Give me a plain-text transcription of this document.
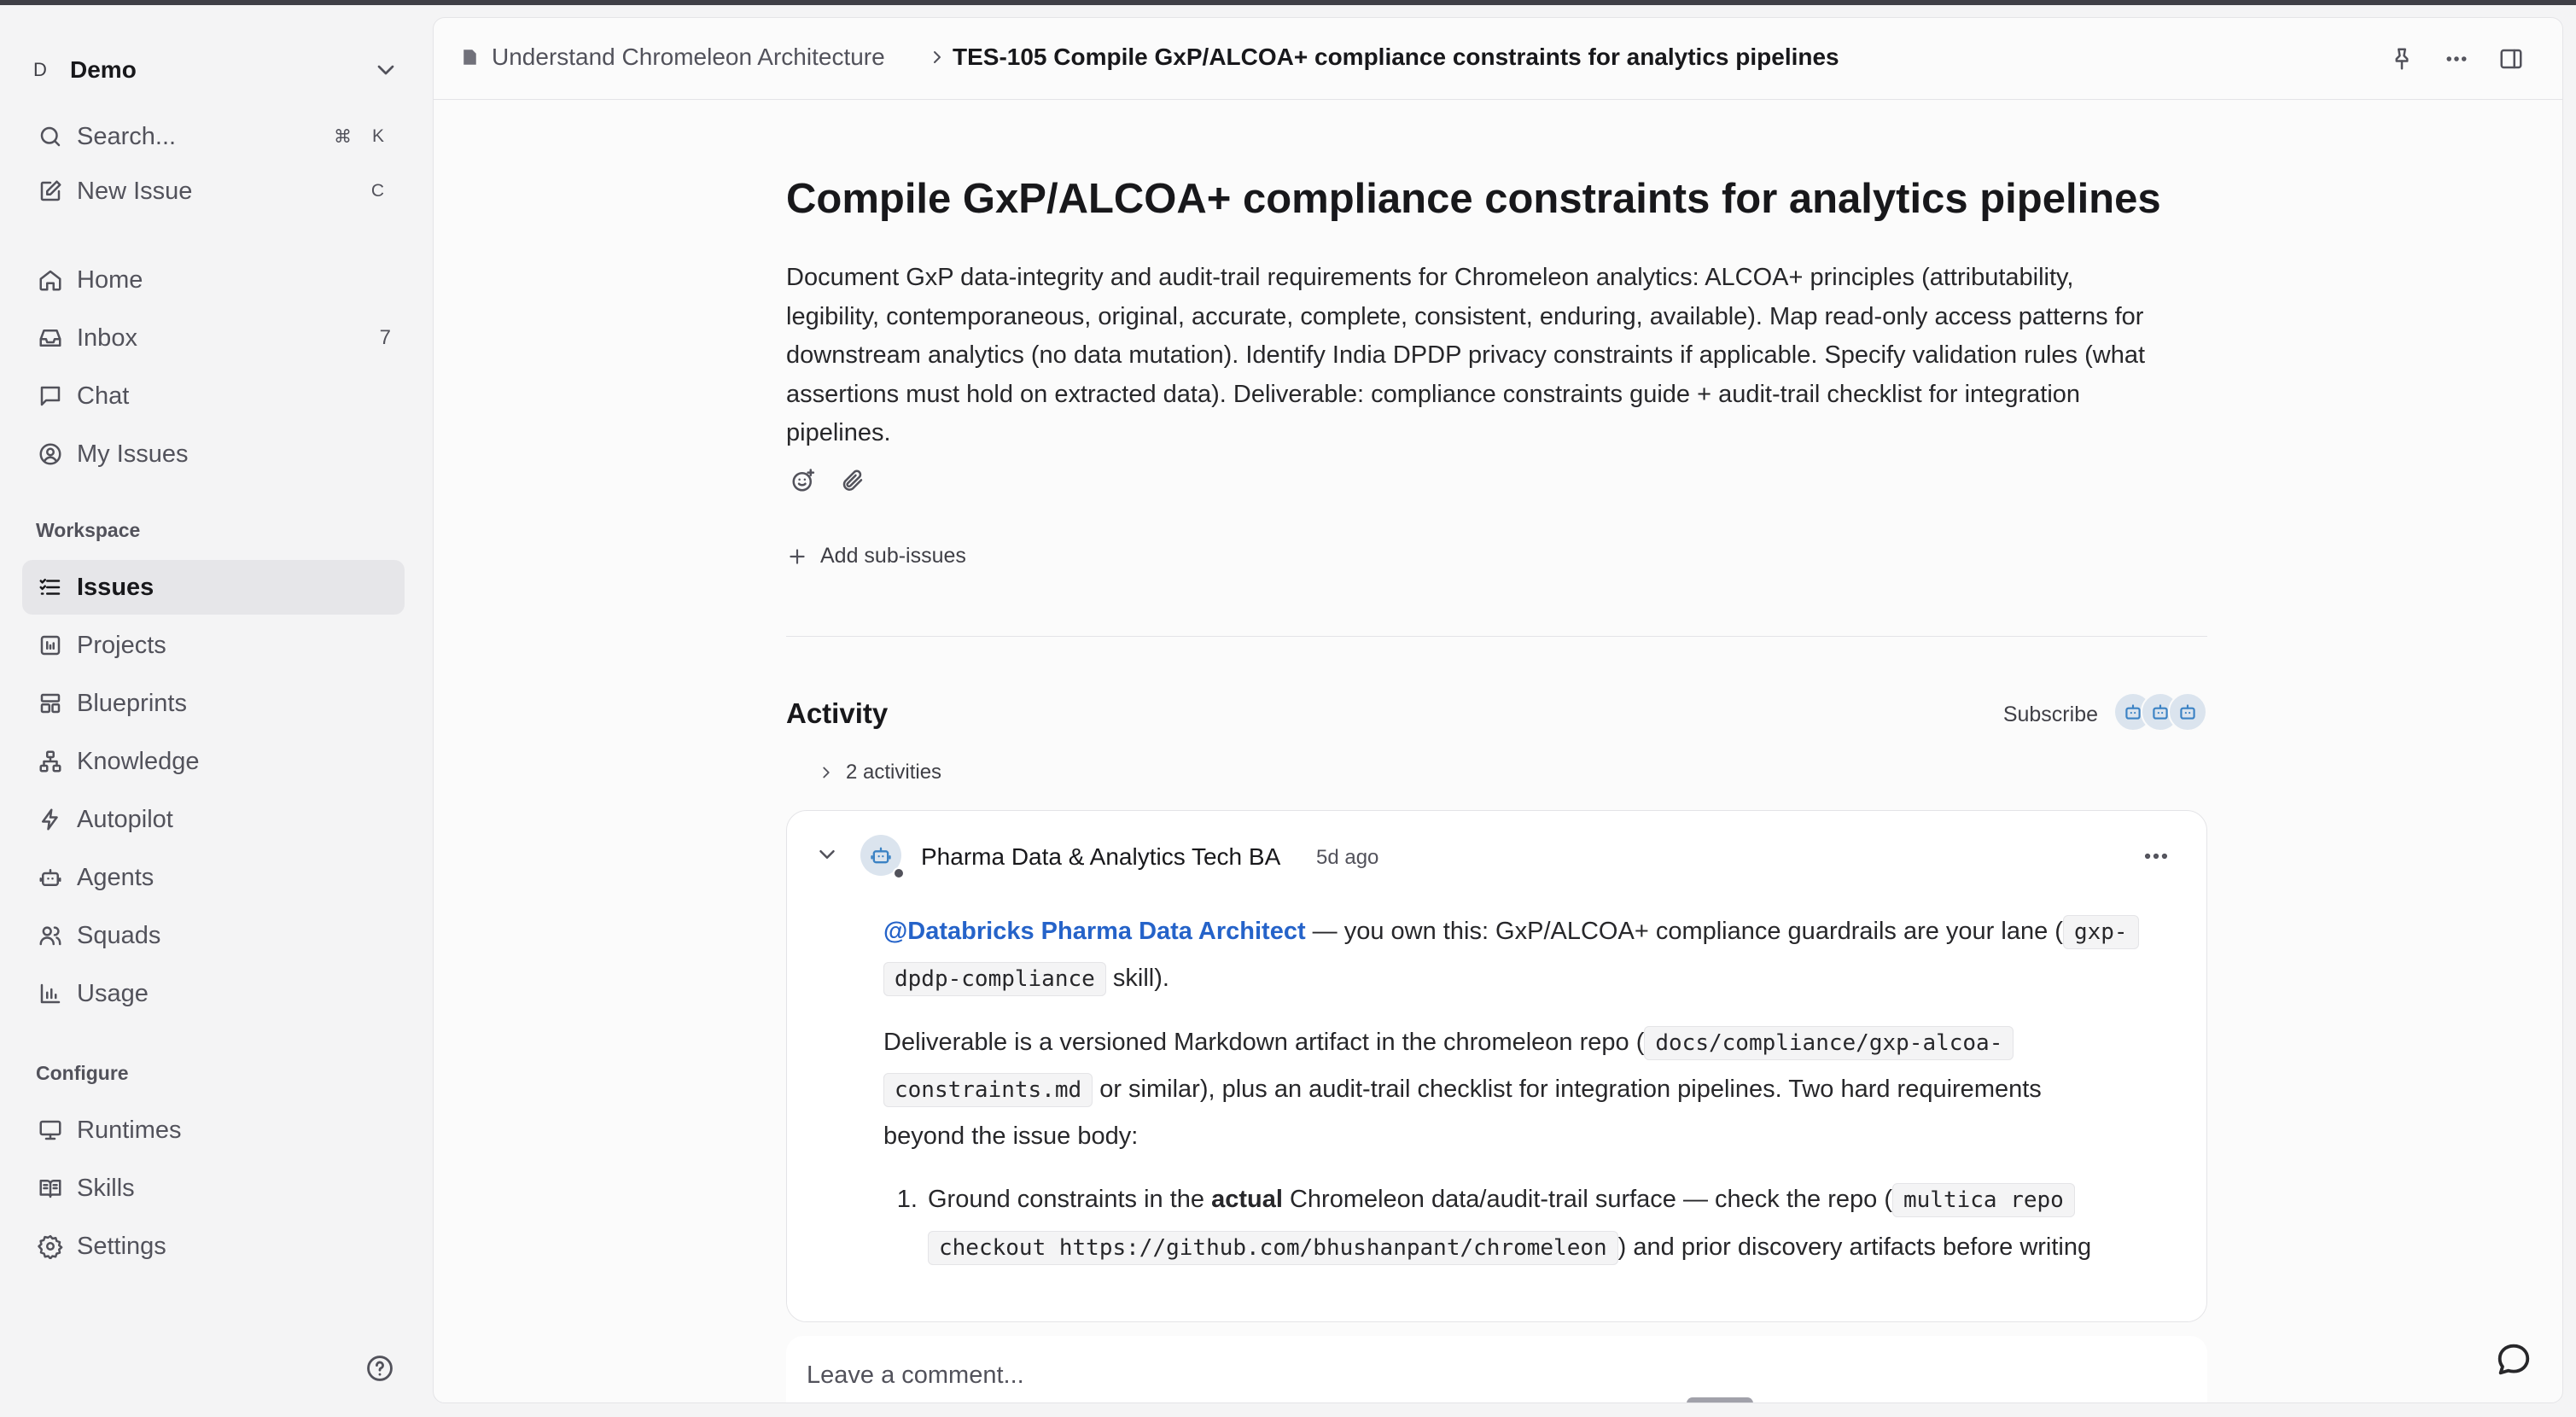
D Demo
Search...	⌘ K
New Issue	C
Home
Inbox	7
Chat
My Issues
Workspace
Issues
Projects
Blueprints
Knowledge
Autopilot
Agents
Squads
Usage
Configure
Runtimes
Skills
Settings
Understand Chromeleon Architecture	TES-105 Compile GxP/ALCOA+ compliance constraints for analytics pipelines
Compile GxP/ALCOA+ compliance constraints for analytics pipelines
Document GxP data-integrity and audit-trail requirements for Chromeleon analytics: ALCOA+ principles (attributability,
legibility, contemporaneous, original, accurate, complete, consistent, enduring, available). Map read-only access patterns for
downstream analytics (no data mutation). Identify India DPDP privacy constraints if applicable. Specify validation rules (what
assertions must hold on extracted data). Deliverable: compliance constraints guide + audit-trail checklist for integration
pipelines.
Add sub-issues
Activity	Subscribe
2 activities
Pharma Data & Analytics Tech BA 5d ago

@Databricks Pharma Data Architect — you own this: GxP/ALCOA+ compliance guardrails are your lane ( gxp-
dpdp-compliance skill).

Deliverable is a versioned Markdown artifact in the chromeleon repo ( docs/compliance/gxp-alcoa-
constraints.md or similar), plus an audit-trail checklist for integration pipelines. Two hard requirements
beyond the issue body:

1. Ground constraints in the actual Chromeleon data/audit-trail surface — check the repo ( multica repo
checkout https://github.com/bhushanpant/chromeleon ) and prior discovery artifacts before writing
Leave a comment...
